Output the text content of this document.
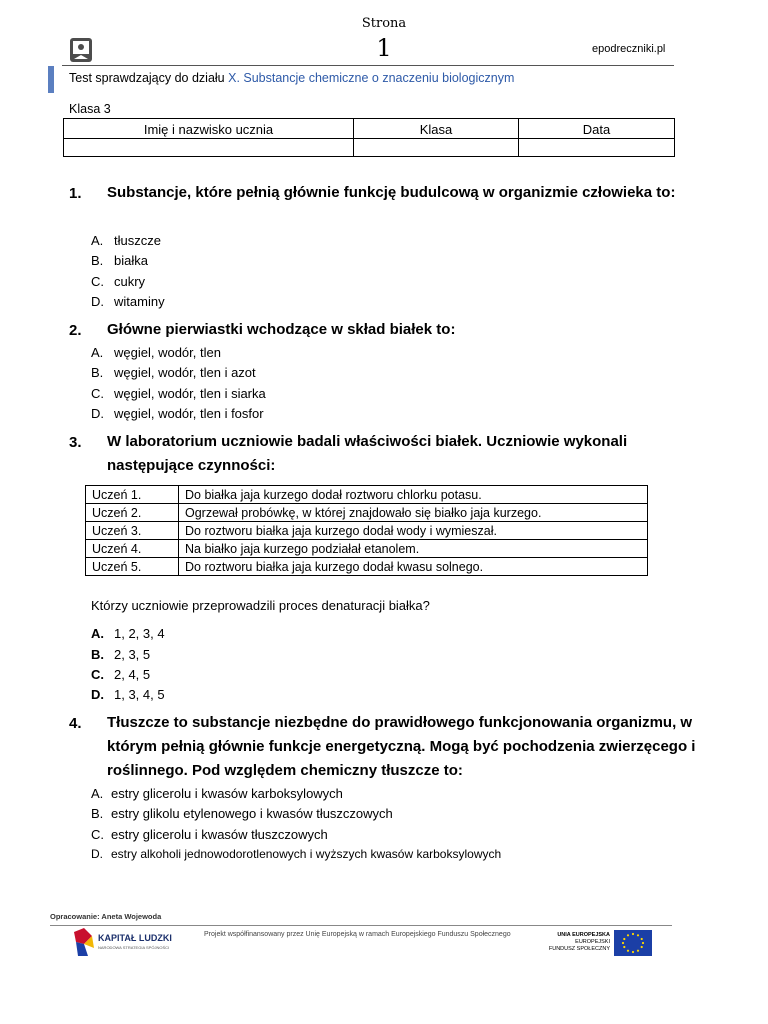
Strona
1	epodreczniki.pl
Test sprawdzający do działu X. Substancje chemiczne o znaczeniu biologicznym
Klasa 3
Imię i nazwisko ucznia	Klasa	Data

1. Substancje, które pełnią głównie funkcję budulcową w organizmie człowieka to:
A. tłuszcze
B. białka
C. cukry
D. witaminy
2. Główne pierwiastki wchodzące w skład białek to:
A. węgiel, wodór, tlen
B. węgiel, wodór, tlen i azot
C. węgiel, wodór, tlen i siarka
D. węgiel, wodór, tlen i fosfor
3. W laboratorium uczniowie badali właściwości białek. Uczniowie wykonali następujące czynności:
Uczeń 1.	Do białka jaja kurzego dodał roztworu chlorku potasu.
Uczeń 2.	Ogrzewał probówkę, w której znajdowało się białko jaja kurzego.
Uczeń 3.	Do roztworu białka jaja kurzego dodał wody i wymieszał.
Uczeń 4.	Na białko jaja kurzego podziałał etanolem.
Uczeń 5.	Do roztworu białka jaja kurzego dodał kwasu solnego.
Którzy uczniowie przeprowadzili proces denaturacji białka?
A. 1, 2, 3, 4
B. 2, 3, 5
C. 2, 4, 5
D. 1, 3, 4, 5
4. Tłuszcze to substancje niezbędne do prawidłowego funkcjonowania organizmu, w którym pełnią głównie funkcje energetyczną. Mogą być pochodzenia zwierzęcego i roślinnego. Pod względem chemiczny tłuszcze to:
A. estry glicerolu i kwasów karboksylowych
B. estry glikolu etylenowego i kwasów tłuszczowych
C. estry glicerolu i kwasów tłuszczowych
D. estry alkoholi jednowodorotlenowych i wyższych kwasów karboksylowych
Opracowanie: Aneta Wojewoda
KAPITAŁ LUDZKI
NARODOWA STRATEGIA SPÓJNOŚCI
Projekt współfinansowany przez Unię Europejską w ramach Europejskiego Funduszu Społecznego	UNIA EUROPEJSKA
EUROPEJSKI
FUNDUSZ SPOŁECZNY
